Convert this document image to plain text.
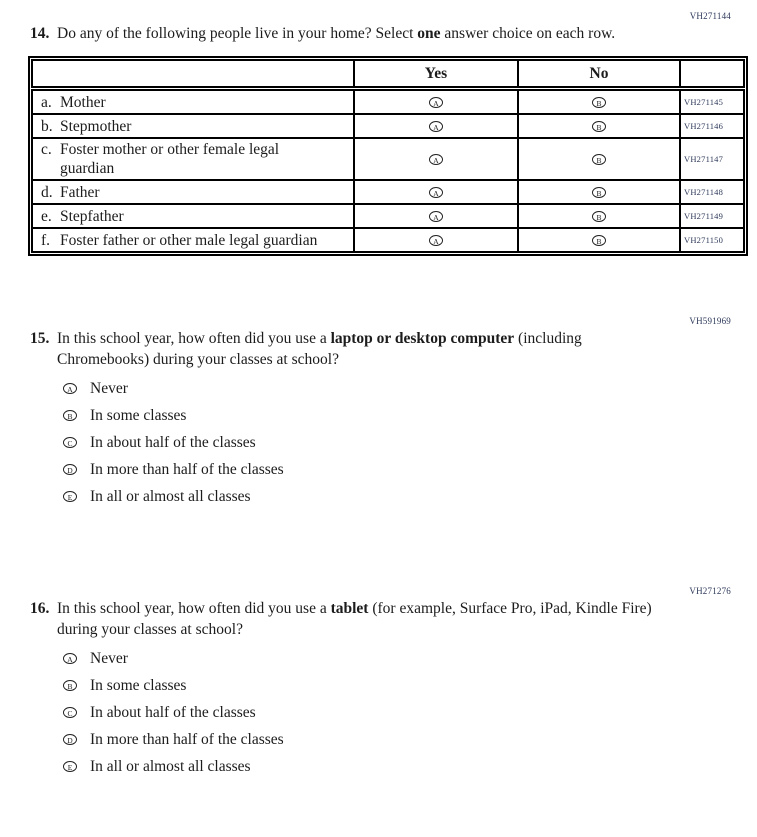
VH271144
14. Do any of the following people live in your home? Select one answer choice on each row.
	Yes	No	

a. Mother	A	B	VH271145

b. Stepmother	A	B	VH271146

c. Foster mother or other female legal guardian	A	B	VH271147

d. Father	A	B	VH271148

e. Stepfather	A	B	VH271149

f. Foster father or other male legal guardian	A	B	VH271150
VH591969
15. In this school year, how often did you use a laptop or desktop computer (including Chromebooks) during your classes at school?
A Never
B In some classes
C In about half of the classes
D In more than half of the classes
E	In all or almost all classes
VH271276
16. In this school year, how often did you use a tablet (for example, Surface Pro, iPad, Kindle Fire) during your classes at school?
A Never
B In some classes
C In about half of the classes
D In more than half of the classes
E	In all or almost all classes
